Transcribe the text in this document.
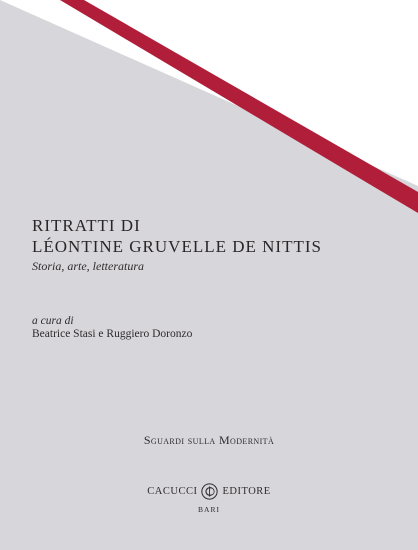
RITRATTI DI
LÉONTINE GRUVELLE DE NITTIS
Storia, arte, letteratura
a cura di
Beatrice Stasi e Ruggiero Doronzo
Sguardi sulla Modernità
CACUCCI EDITORE
BARI
